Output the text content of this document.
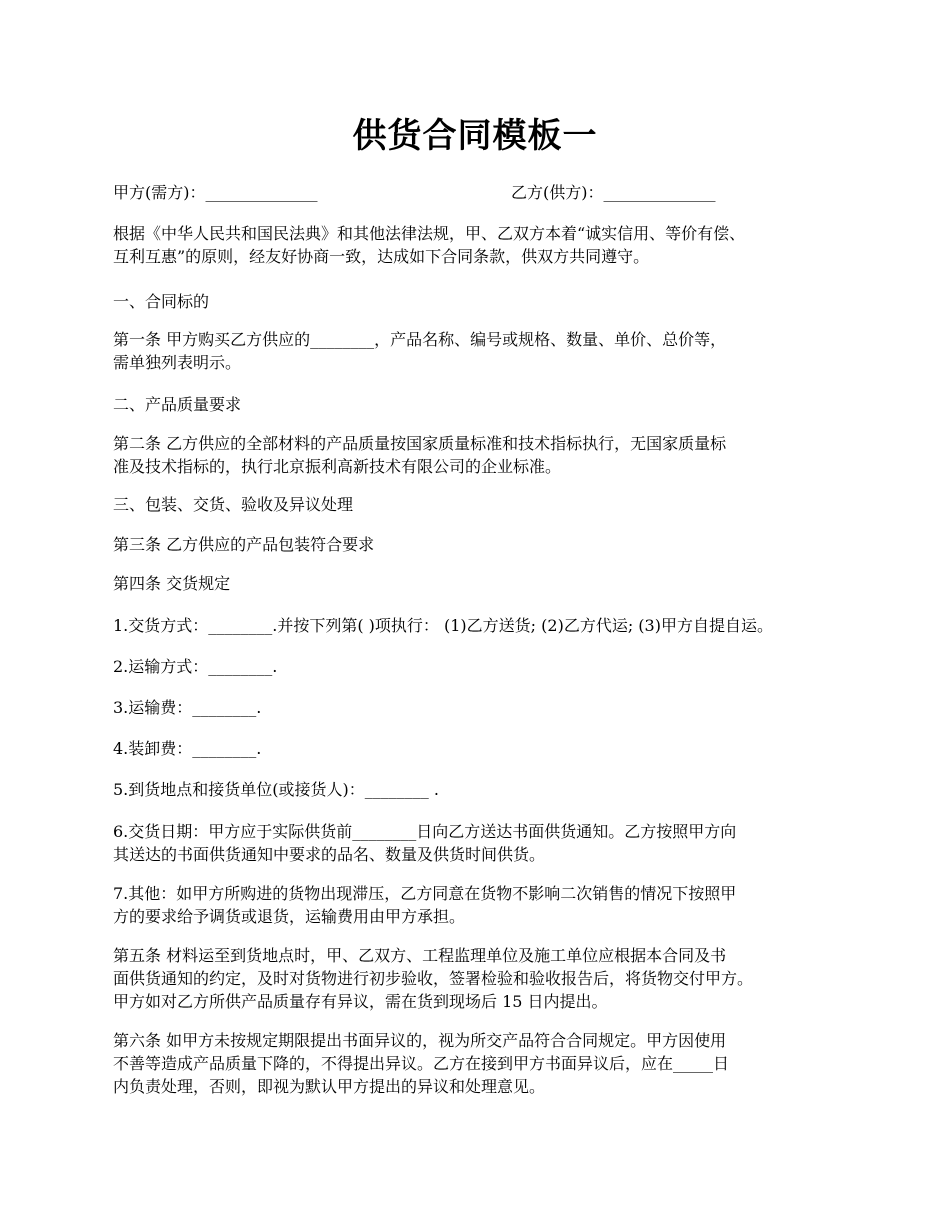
供货合同模板一
甲方(需方)：______________	乙方(供方)：______________

根据《中华人民共和国民法典》和其他法律法规，甲、乙双方本着“诚实信用、等价有偿、
互利互惠”的原则，经友好协商一致，达成如下合同条款，供双方共同遵守。

一、合同标的

第一条 甲方购买乙方供应的________，产品名称、编号或规格、数量、单价、总价等，
需单独列表明示。

二、产品质量要求

第二条 乙方供应的全部材料的产品质量按国家质量标准和技术指标执行，无国家质量标
准及技术指标的，执行北京振利高新技术有限公司的企业标准。

三、包装、交货、验收及异议处理

第三条 乙方供应的产品包装符合要求

第四条 交货规定

1.交货方式：________.并按下列第( )项执行： (1)乙方送货; (2)乙方代运; (3)甲方自提自运。

2.运输方式：________.

3.运输费：________.

4.装卸费：________.

5.到货地点和接货单位(或接货人)：________ .

6.交货日期：甲方应于实际供货前________日向乙方送达书面供货通知。乙方按照甲方向
其送达的书面供货通知中要求的品名、数量及供货时间供货。

7.其他：如甲方所购进的货物出现滞压，乙方同意在货物不影响二次销售的情况下按照甲
方的要求给予调货或退货，运输费用由甲方承担。

第五条 材料运至到货地点时，甲、乙双方、工程监理单位及施工单位应根据本合同及书
面供货通知的约定，及时对货物进行初步验收，签署检验和验收报告后，将货物交付甲方。
甲方如对乙方所供产品质量存有异议，需在货到现场后 15 日内提出。

第六条 如甲方未按规定期限提出书面异议的，视为所交产品符合合同规定。甲方因使用
不善等造成产品质量下降的，不得提出异议。乙方在接到甲方书面异议后，应在_____日
内负责处理，否则，即视为默认甲方提出的异议和处理意见。
